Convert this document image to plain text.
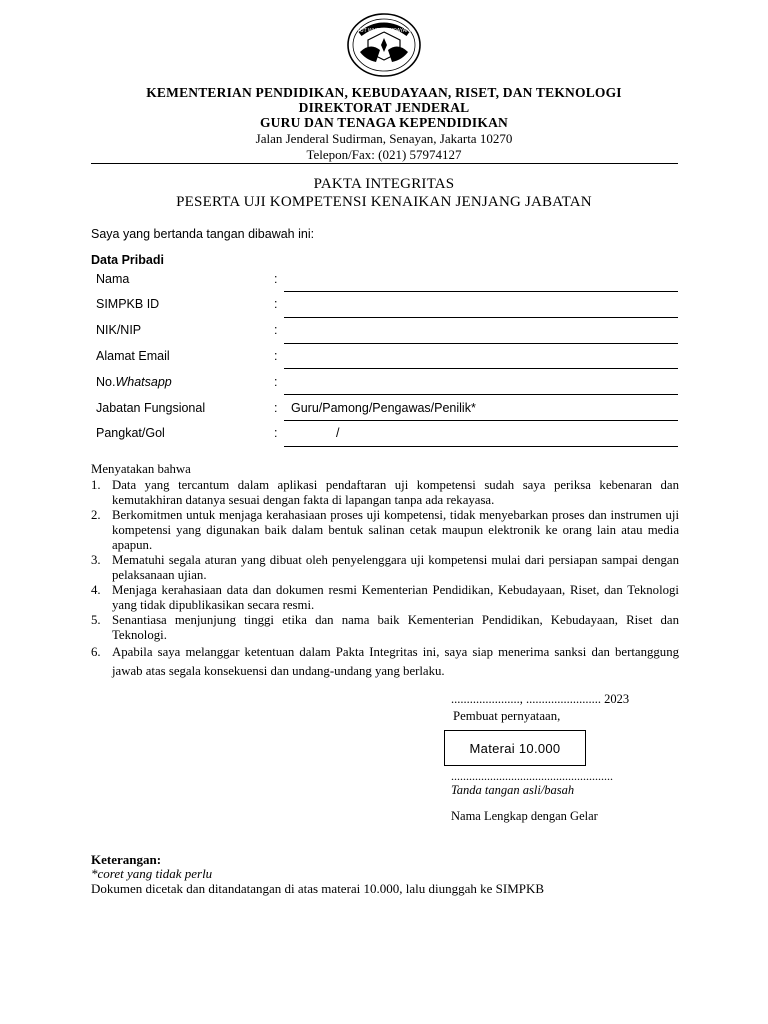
TUT WURI HANDAYANI
KEMENTERIAN PENDIDIKAN, KEBUDAYAAN, RISET, DAN TEKNOLOGI
DIREKTORAT JENDERAL
GURU DAN TENAGA KEPENDIDIKAN
Jalan Jenderal Sudirman, Senayan, Jakarta 10270
Telepon/Fax: (021) 57974127
PAKTA INTEGRITAS
PESERTA UJI KOMPETENSI KENAIKAN JENJANG JABATAN
Saya yang bertanda tangan dibawah ini:
Data Pribadi
Nama	:
SIMPKB ID	:
NIK/NIP	:
Alamat Email	:
No.Whatsapp	:
Jabatan Fungsional	: Guru/Pamong/Pengawas/Penilik*
Pangkat/Gol	:	/
Menyatakan bahwa
1. Data yang tercantum dalam aplikasi pendaftaran uji kompetensi sudah saya periksa kebenaran dan kemutakhiran datanya sesuai dengan fakta di lapangan tanpa ada rekayasa.
2. Berkomitmen untuk menjaga kerahasiaan proses uji kompetensi, tidak menyebarkan proses dan instrumen uji kompetensi yang digunakan baik dalam bentuk salinan cetak maupun elektronik ke orang lain atau media apapun.
3. Mematuhi segala aturan yang dibuat oleh penyelenggara uji kompetensi mulai dari persiapan sampai dengan pelaksanaan ujian.
4. Menjaga kerahasiaan data dan dokumen resmi Kementerian Pendidikan, Kebudayaan, Riset, dan Teknologi yang tidak dipublikasikan secara resmi.
5. Senantiasa menjunjung tinggi etika dan nama baik Kementerian Pendidikan, Kebudayaan, Riset dan Teknologi.
6. Apabila saya melanggar ketentuan dalam Pakta Integritas ini, saya siap menerima sanksi dan bertanggung jawab atas segala konsekuensi dan undang-undang yang berlaku.
......................, ........................ 2023
Pembuat pernyataan,
Materai 10.000
......................................................
Tanda tangan asli/basah
Nama Lengkap dengan Gelar
Keterangan:
*coret yang tidak perlu
Dokumen dicetak dan ditandatangan di atas materai 10.000, lalu diunggah ke SIMPKB
